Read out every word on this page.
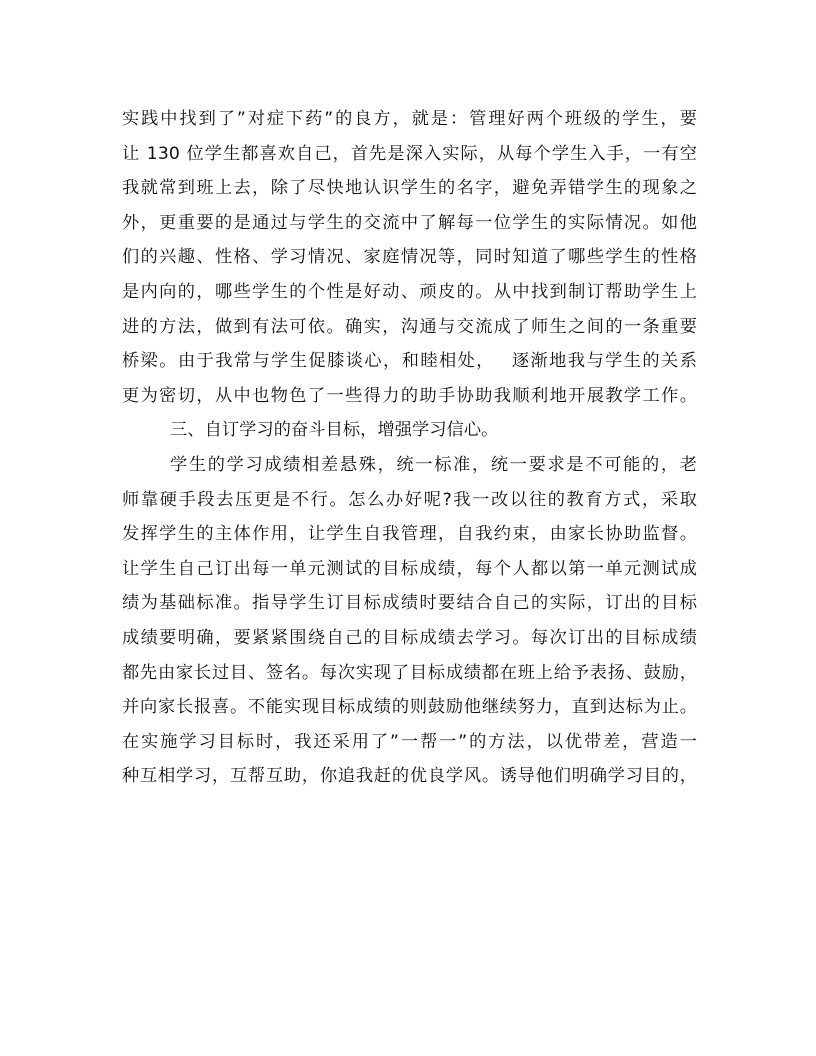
实践中找到了”对症下药”的良方，就是：管理好两个班级的学生，要
让 130 位学生都喜欢自己，首先是深入实际，从每个学生入手，一有空
我就常到班上去，除了尽快地认识学生的名字，避免弄错学生的现象之
外，更重要的是通过与学生的交流中了解每一位学生的实际情况。如他
们的兴趣、性格、学习情况、家庭情况等，同时知道了哪些学生的性格
是内向的，哪些学生的个性是好动、顽皮的。从中找到制订帮助学生上
进的方法，做到有法可依。确实，沟通与交流成了师生之间的一条重要
桥梁。由于我常与学生促膝谈心，和睦相处，　 逐渐地我与学生的关系
更为密切，从中也物色了一些得力的助手协助我顺利地开展教学工作。
三、自订学习的奋斗目标，增强学习信心。
学生的学习成绩相差悬殊，统一标准，统一要求是不可能的，老
师靠硬手段去压更是不行。怎么办好呢?我一改以往的教育方式，采取
发挥学生的主体作用，让学生自我管理，自我约束，由家长协助监督。
让学生自己订出每一单元测试的目标成绩，每个人都以第一单元测试成
绩为基础标准。指导学生订目标成绩时要结合自己的实际，订出的目标
成绩要明确，要紧紧围绕自己的目标成绩去学习。每次订出的目标成绩
都先由家长过目、签名。每次实现了目标成绩都在班上给予表扬、鼓励，
并向家长报喜。不能实现目标成绩的则鼓励他继续努力，直到达标为止。
在实施学习目标时，我还采用了”一帮一”的方法，以优带差，营造一
种互相学习，互帮互助，你追我赶的优良学风。诱导他们明确学习目的，
